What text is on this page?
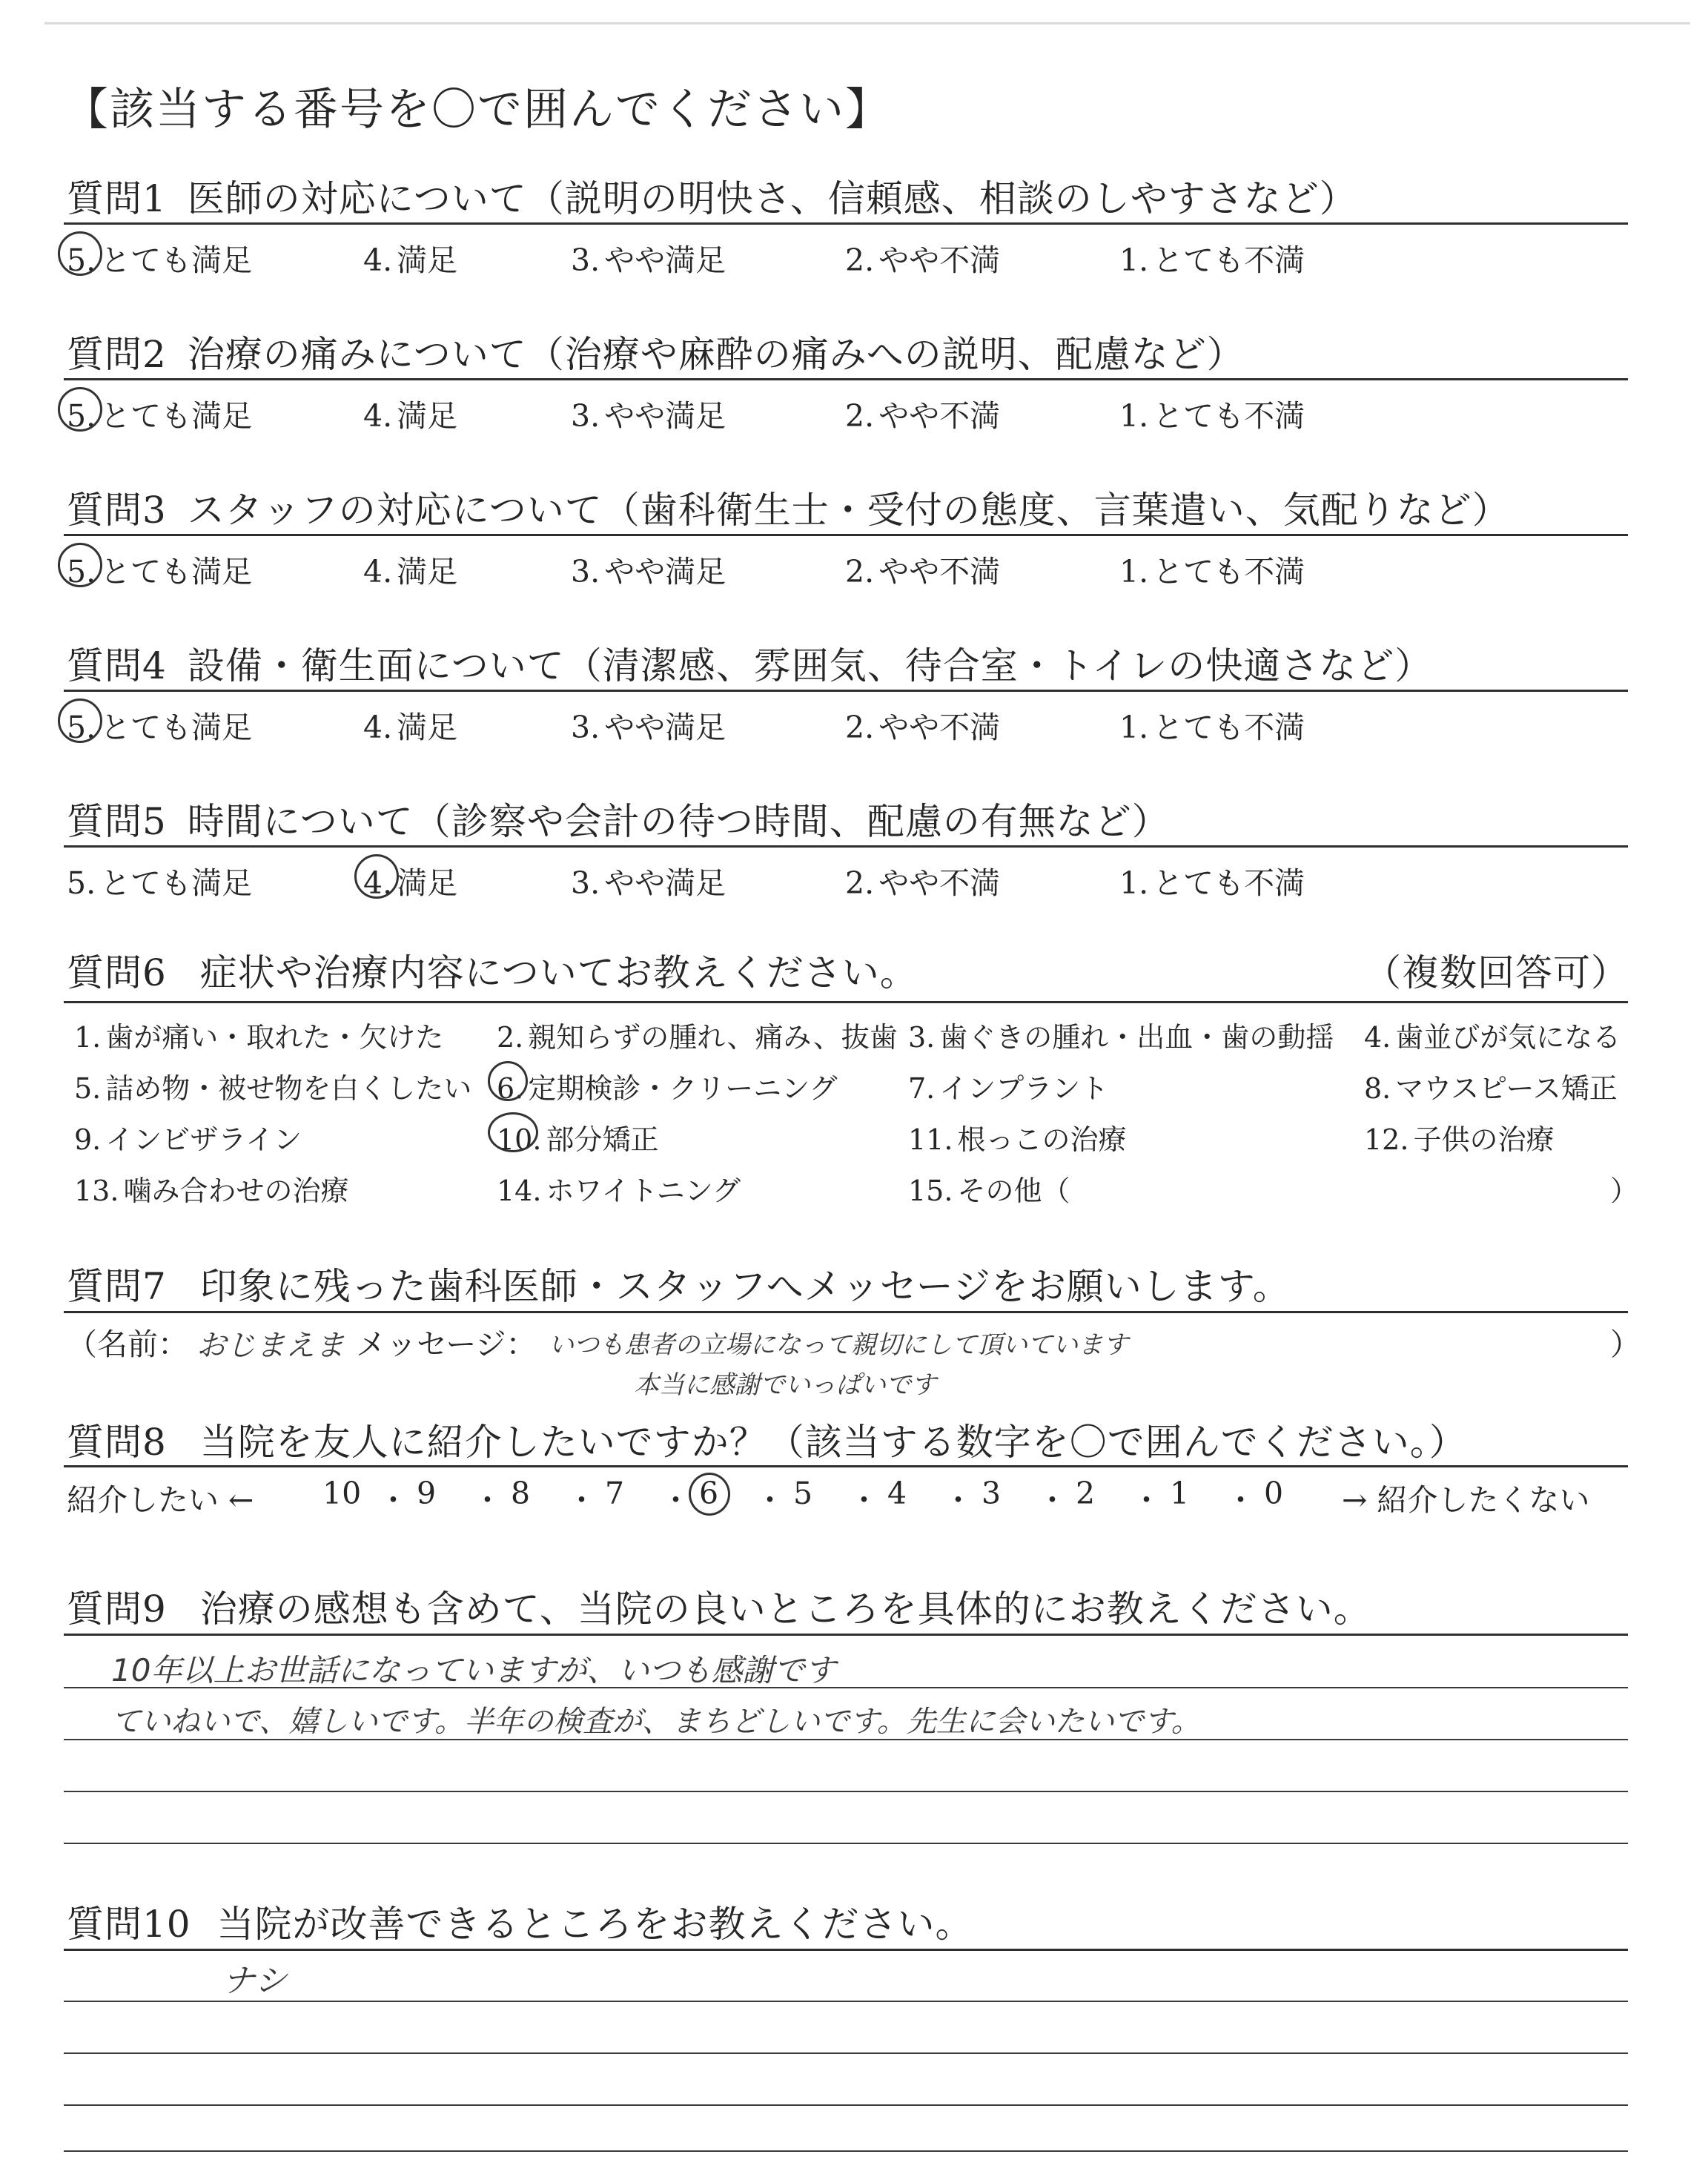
【該当する番号を〇で囲んでください】
質問1 医師の対応について（説明の明快さ、信頼感、相談のしやすさなど）
5. とても満足	4. 満足	3. やや満足	2. やや不満	1. とても不満
質問2 治療の痛みについて（治療や麻酔の痛みへの説明、配慮など）
5. とても満足	4. 満足	3. やや満足	2. やや不満	1. とても不満
質問3 スタッフの対応について（歯科衛生士・受付の態度、言葉遣い、気配りなど）
5. とても満足	4. 満足	3. やや満足	2. やや不満	1. とても不満
質問4 設備・衛生面について（清潔感、雰囲気、待合室・トイレの快適さなど）
5. とても満足	4. 満足	3. やや満足	2. やや不満	1. とても不満
質問5 時間について（診察や会計の待つ時間、配慮の有無など）
5. とても満足	4. 満足	3. やや満足	2. やや不満	1. とても不満
質問6 症状や治療内容についてお教えください。	（複数回答可）
1. 歯が痛い・取れた・欠けた 2. 親知らずの腫れ、痛み、抜歯 3. 歯ぐきの腫れ・出血・歯の動揺 4. 歯並びが気になる
5. 詰め物・被せ物を白くしたい 6. 定期検診・クリーニング	7. インプラント	8. マウスピース矯正
9. インビザライン	10. 部分矯正	11. 根っこの治療	12. 子供の治療
13. 噛み合わせの治療	14. ホワイトニング	15. その他（	）
質問7 印象に残った歯科医師・スタッフへメッセージをお願いします。
（名前： おじまえま メッセージ： いつも患者の立場になって親切にして頂いています
本当に感謝でいっぱいです
）
質問8 当院を友人に紹介したいですか？（該当する数字を〇で囲んでください。）
紹介したい ← 10 ・ 9 ・ 8 ・ 7 ・ 6 ・ 5 ・ 4 ・ 3 ・ 2 ・ 1 ・ 0 → 紹介したくない
質問9 治療の感想も含めて、当院の良いところを具体的にお教えください。
10年以上お世話になっていますが、いつも感謝です
ていねいで、嬉しいです。半年の検査が、まちどしいです。先生に会いたいです。
質問10 当院が改善できるところをお教えください。
ナシ
